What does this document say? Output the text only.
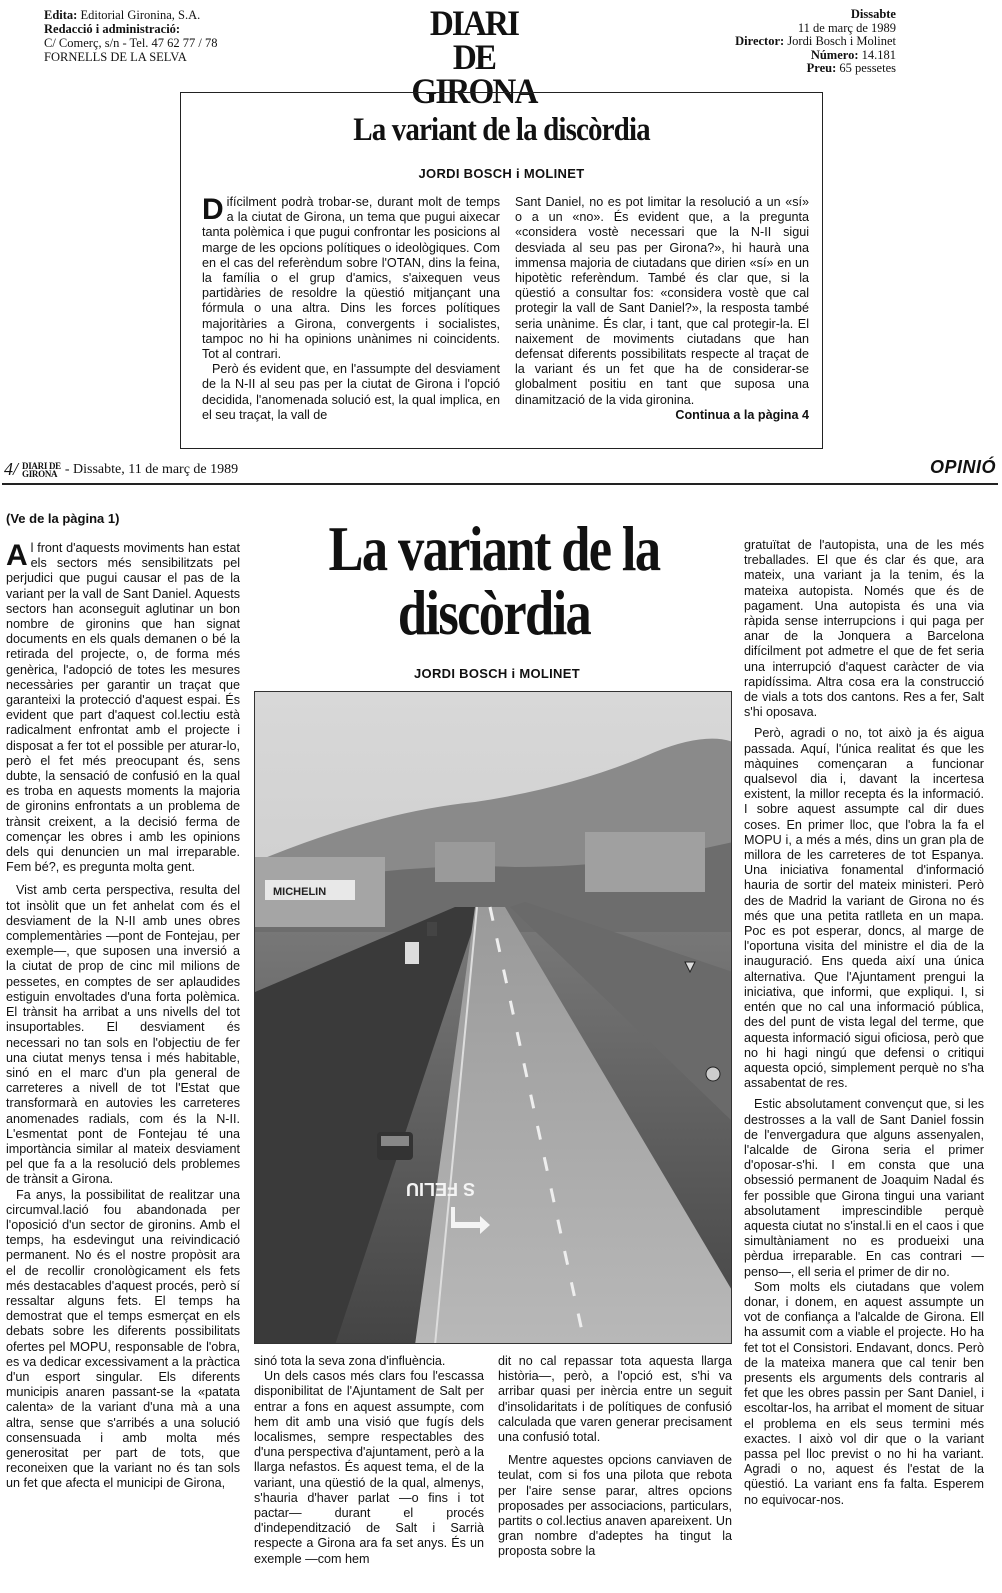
Edita: Editorial Gironina, S.A.
Redacció i administració:
C/ Comerç, s/n - Tel. 47 62 77 / 78
FORNELLS DE LA SELVA
DIARI DE
GIRONA
Dissabte
11 de març de 1989
Director: Jordi Bosch i Molinet
Número: 14.181
Preu: 65 pessetes
La variant de la discòrdia
JORDI BOSCH i MOLINET

Difícilment podrà trobar-se, durant molt de temps a la ciutat de Girona, un tema que pugui aixecar tanta polèmica i que pugui confrontar les posicions al marge de les opcions polítiques o ideològiques. Com en el cas del referèndum sobre l'OTAN, dins la feina, la família o el grup d'amics, s'aixequen veus partidàries de resoldre la qüestió mitjançant una fórmula o una altra. Dins les forces polítiques majoritàries a Girona, convergents i socialistes, tampoc no hi ha opinions unànimes ni coincidents. Tot al contrari.

Però és evident que, en l'assumpte del desviament de la N-II al seu pas per la ciutat de Girona i l'opció decidida, l'anomenada solució est, la qual implica, en el seu traçat, la vall de

Sant Daniel, no es pot limitar la resolució a un «sí» o a un «no». És evident que, a la pregunta «considera vostè necessari que la N-II sigui desviada al seu pas per Girona?», hi haurà una immensa majoria de ciutadans que dirien «sí» en un hipotètic referèndum. També és clar que, si la qüestió a consultar fos: «considera vostè que cal protegir la vall de Sant Daniel?», la resposta també seria unànime. És clar, i tant, que cal protegir-la. El naixement de moviments ciutadans que han defensat diferents possibilitats respecte al traçat de la variant és un fet que ha de considerar-se globalment positiu en tant que suposa una dinamització de la vida gironina.

Continua a la pàgina 4

4/ DIARI DE
GIRONA - Dissabte, 11 de març de 1989	OPINIÓ
(Ve de la pàgina 1)	La variant de la discòrdia
JORDI BOSCH i MOLINET

Al front d'aquests moviments han estat els sectors més sensibilitzats pel perjudici que pugui causar el pas de la variant per la vall de Sant Daniel. Aquests sectors han aconseguit aglutinar un bon nombre de gironins que han signat documents en els quals demanen o bé la retirada del projecte, o, de forma més genèrica, l'adopció de totes les mesures necessàries per garantir un traçat que garanteixi la protecció d'aquest espai. És evident que part d'aquest col.lectiu està radicalment enfrontat amb el projecte i disposat a fer tot el possible per aturar-lo, però el fet més preocupant és, sens dubte, la sensació de confusió en la qual es troba en aquests moments la majoria de gironins enfrontats a un problema de trànsit creixent, a la decisió ferma de començar les obres i amb les opinions dels qui denuncien un mal irreparable. Fem bé?, es pregunta molta gent.

Vist amb certa perspectiva, resulta del tot insòlit que un fet anhelat com és el desviament de la N-II amb unes obres complementàries —pont de Fontejau, per exemple—, que suposen una inversió a la ciutat de prop de cinc mil milions de pessetes, en comptes de ser aplaudides estiguin envoltades d'una forta polèmica. El trànsit ha arribat a uns nivells del tot insuportables. El desviament és necessari no tan sols en l'objectiu de fer una ciutat menys tensa i més habitable, sinó en el marc d'un pla general de carreteres a nivell de tot l'Estat que transformarà en autovies les carreteres anomenades radials, com és la N-II. L'esmentat pont de Fontejau té una importància similar al mateix desviament pel que fa a la resolució dels problemes de trànsit a Girona.

Fa anys, la possibilitat de realitzar una circumval.lació fou abandonada per l'oposició d'un sector de gironins. Amb el temps, ha esdevingut una reivindicació permanent. No és el nostre propòsit ara el de recollir cronològicament els fets més destacables d'aquest procés, però sí ressaltar alguns fets. El temps ha demostrat que el temps esmerçat en els debats sobre les diferents possibilitats ofertes pel MOPU, responsable de l'obra, es va dedicar excessivament a la pràctica d'un esport singular. Els diferents municipis anaren passant-se la «patata calenta» de la variant d'una mà a una altra, sense que s'arribés a una solució consensuada i amb molta més generositat per part de tots, que reconeixen que la variant no és tan sols un fet que afecta el municipi de Girona,

MICHELIN
S FELIU

sinó tota la seva zona d'influència.

Un dels casos més clars fou l'escassa disponibilitat de l'Ajuntament de Salt per entrar a fons en aquest assumpte, com hem dit amb una visió que fugís dels localismes, sempre respectables des d'una perspectiva d'ajuntament, però a la llarga nefastos. És aquest tema, el de la variant, una qüestió de la qual, almenys, s'hauria d'haver parlat —o fins i tot pactar— durant el procés d'independització de Salt i Sarrià respecte a Girona ara fa set anys. És un exemple —com hem

dit no cal repassar tota aquesta llarga història—, però, a l'opció est, s'hi va arribar quasi per inèrcia entre un seguit d'insolidaritats i de polítiques de confusió calculada que varen generar precisament una confusió total.

Mentre aquestes opcions canviaven de teulat, com si fos una pilota que rebota per l'aire sense parar, altres opcions proposades per associacions, particulars, partits o col.lectius anaven apareixent. Un gran nombre d'adeptes ha tingut la proposta sobre la

gratuïtat de l'autopista, una de les més treballades. El que és clar és que, ara mateix, una variant ja la tenim, és la mateixa autopista. Només que és de pagament. Una autopista és una via ràpida sense interrupcions i qui paga per anar de la Jonquera a Barcelona difícilment pot admetre el que de fet seria una interrupció d'aquest caràcter de via rapidíssima. Altra cosa era la construcció de vials a tots dos cantons. Res a fer, Salt s'hi oposava.

Però, agradi o no, tot això ja és aigua passada. Aquí, l'única realitat és que les màquines començaran a funcionar qualsevol dia i, davant la incertesa existent, la millor recepta és la informació. I sobre aquest assumpte cal dir dues coses. En primer lloc, que l'obra la fa el MOPU i, a més a més, dins un gran pla de millora de les carreteres de tot Espanya. Una iniciativa fonamental d'informació hauria de sortir del mateix ministeri. Però des de Madrid la variant de Girona no és més que una petita ratlleta en un mapa. Poc es pot esperar, doncs, al marge de l'oportuna visita del ministre el dia de la inauguració. Ens queda així una única alternativa. Que l'Ajuntament prengui la iniciativa, que informi, que expliqui. I, si entén que no cal una informació pública, des del punt de vista legal del terme, que aquesta informació sigui oficiosa, però que no hi hagi ningú que defensi o critiqui aquesta opció, simplement perquè no s'ha assabentat de res.

Estic absolutament convençut que, si les destrosses a la vall de Sant Daniel fossin de l'envergadura que alguns assenyalen, l'alcalde de Girona seria el primer d'oposar-s'hi. I em consta que una obsessió permanent de Joaquim Nadal és fer possible que Girona tingui una variant absolutament imprescindible perquè aquesta ciutat no s'instal.li en el caos i que simultàniament no es produeixi una pèrdua irreparable. En cas contrari —penso—, ell seria el primer de dir no.

Som molts els ciutadans que volem donar, i donem, en aquest assumpte un vot de confiança a l'alcalde de Girona. Ell ha assumit com a viable el projecte. Ho ha fet tot el Consistori. Endavant, doncs. Però de la mateixa manera que cal tenir ben presents els arguments dels contraris al fet que les obres passin per Sant Daniel, i escoltar-los, ha arribat el moment de situar el problema en els seus termini més exactes. I això vol dir que o la variant passa pel lloc previst o no hi ha variant. Agradi o no, aquest és l'estat de la qüestió. La variant ens fa falta. Esperem no equivocar-nos.
